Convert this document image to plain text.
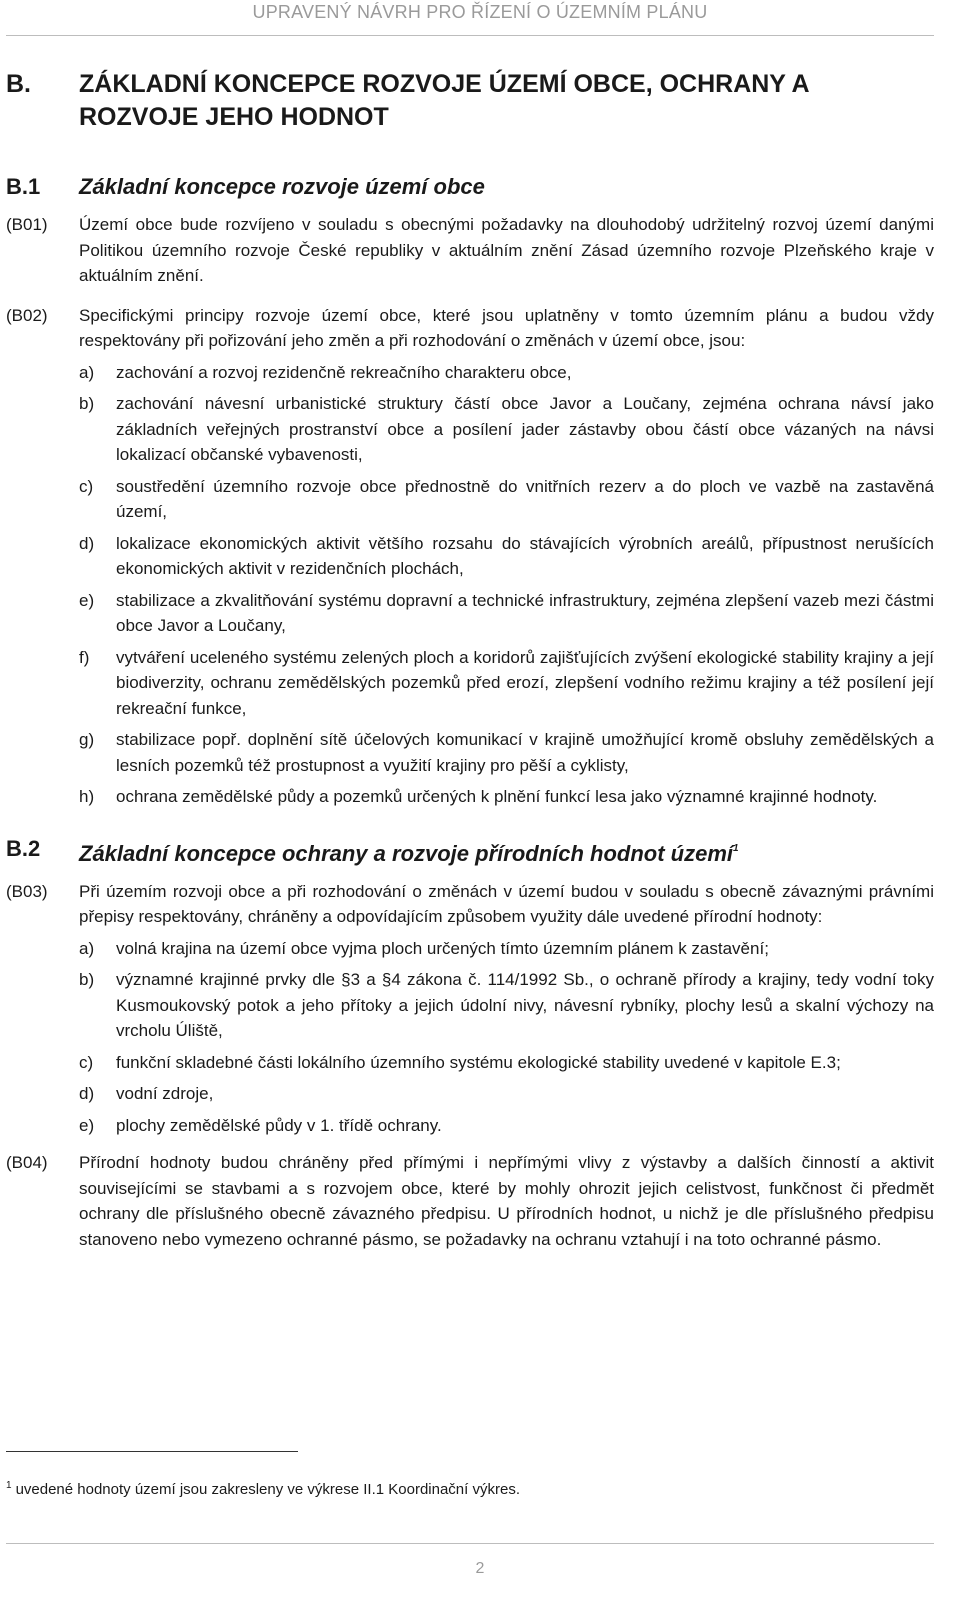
UPRAVENÝ NÁVRH PRO ŘÍZENÍ O ÚZEMNÍM PLÁNU
B.	ZÁKLADNÍ KONCEPCE ROZVOJE ÚZEMÍ OBCE, OCHRANY A ROZVOJE JEHO HODNOT
B.1	Základní koncepce rozvoje území obce
(B01)	Území obce bude rozvíjeno v souladu s obecnými požadavky na dlouhodobý udržitelný rozvoj území danými Politikou územního rozvoje České republiky v aktuálním znění Zásad územního rozvoje Plzeňského kraje v aktuálním znění.
(B02)	Specifickými principy rozvoje území obce, které jsou uplatněny v tomto územním plánu a budou vždy respektovány při pořizování jeho změn a při rozhodování o změnách v území obce, jsou:
a)	zachování a rozvoj rezidenčně rekreačního charakteru obce,
b)	zachování návesní urbanistické struktury částí obce Javor a Loučany, zejména ochrana návsí jako základních veřejných prostranství obce a posílení jader zástavby obou částí obce vázaných na návsi lokalizací občanské vybavenosti,
c)	soustředění územního rozvoje obce přednostně do vnitřních rezerv a do ploch ve vazbě na zastavěná území,
d)	lokalizace ekonomických aktivit většího rozsahu do stávajících výrobních areálů, přípustnost nerušících ekonomických aktivit v rezidenčních plochách,
e)	stabilizace a zkvalitňování systému dopravní a technické infrastruktury, zejména zlepšení vazeb mezi částmi obce Javor a Loučany,
f)	vytváření uceleného systému zelených ploch a koridorů zajišťujících zvýšení ekologické stability krajiny a její biodiverzity, ochranu zemědělských pozemků před erozí, zlepšení vodního režimu krajiny a též posílení její rekreační funkce,
g)	stabilizace popř. doplnění sítě účelových komunikací v krajině umožňující kromě obsluhy zemědělských a lesních pozemků též prostupnost a využití krajiny pro pěší a cyklisty,
h)	ochrana zemědělské půdy a pozemků určených k plnění funkcí lesa jako významné krajinné hodnoty.
B.2	Základní koncepce ochrany a rozvoje přírodních hodnot území$^1$
(B03)	Při územím rozvoji obce a při rozhodování o změnách v území budou v souladu s obecně závaznými právními přepisy respektovány, chráněny a odpovídajícím způsobem využity dále uvedené přírodní hodnoty:
a)	volná krajina na území obce vyjma ploch určených tímto územním plánem k zastavění;
b)	významné krajinné prvky dle §3 a §4 zákona č. 114/1992 Sb., o ochraně přírody a krajiny, tedy vodní toky Kusmoukovský potok a jeho přítoky a jejich údolní nivy, návesní rybníky, plochy lesů a skalní výchozy na vrcholu Úliště,
c)	funkční skladebné části lokálního územního systému ekologické stability uvedené v kapitole E.3;
d)	vodní zdroje,
e)	plochy zemědělské půdy v 1. třídě ochrany.
(B04)	Přírodní hodnoty budou chráněny před přímými i nepřímými vlivy z výstavby a dalších činností a aktivit souvisejícími se stavbami a s rozvojem obce, které by mohly ohrozit jejich celistvost, funkčnost či předmět ochrany dle příslušného obecně závazného předpisu. U přírodních hodnot, u nichž je dle příslušného předpisu stanoveno nebo vymezeno ochranné pásmo, se požadavky na ochranu vztahují i na toto ochranné pásmo.
$^1$ uvedené hodnoty území jsou zakresleny ve výkrese II.1 Koordinační výkres.
2
